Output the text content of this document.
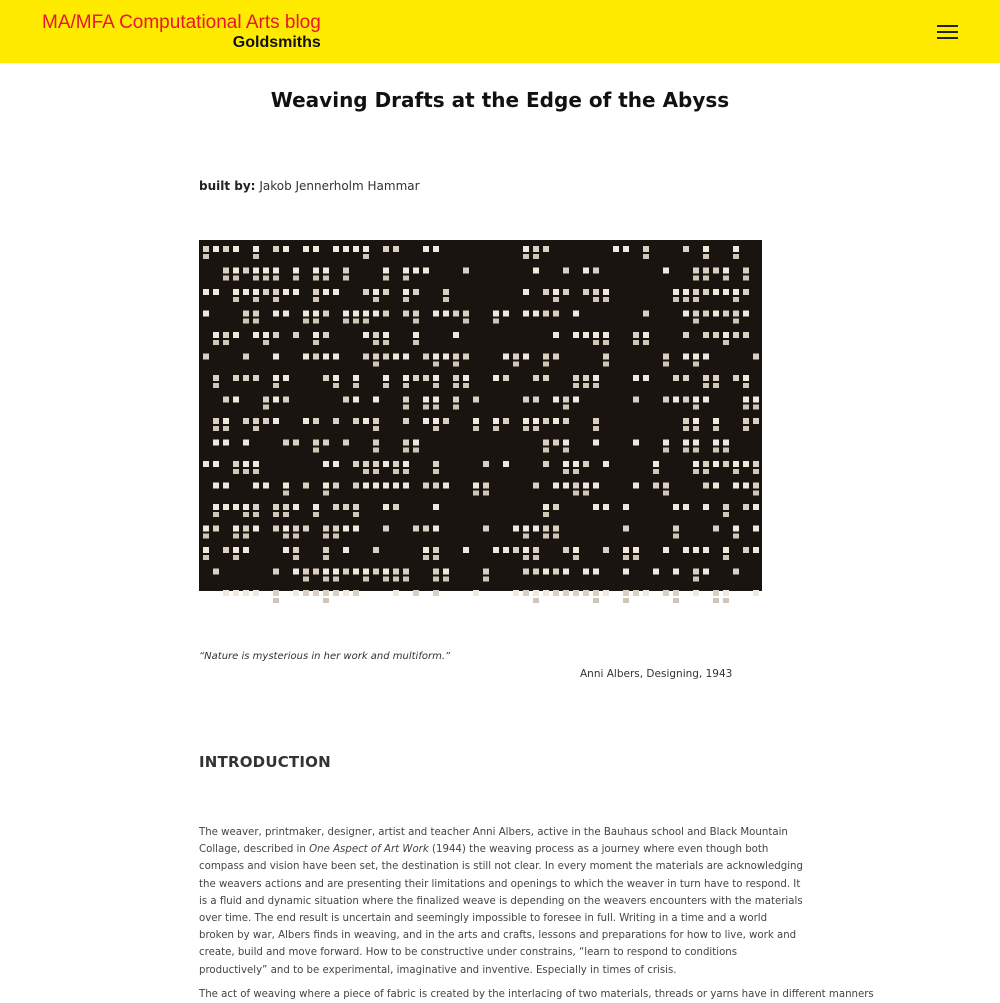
MA/MFA Computational Arts blog
Goldsmiths
Weaving Drafts at the Edge of the Abyss
built by: Jakob Jennerholm Hammar
“Nature is mysterious in her work and multiform.”
Anni Albers, Designing, 1943
INTRODUCTION

The weaver, printmaker, designer, artist and teacher Anni Albers, active in the Bauhaus school and Black Mountain Collage, described in One Aspect of Art Work (1944) the weaving process as a journey where even though both compass and vision have been set, the destination is still not clear. In every moment the materials are acknowledging the weavers actions and are presenting their limitations and openings to which the weaver in turn have to respond. It is a fluid and dynamic situation where the finalized weave is depending on the weavers encounters with the materials over time. The end result is uncertain and seemingly impossible to foresee in full. Writing in a time and a world broken by war, Albers finds in weaving, and in the arts and crafts, lessons and preparations for how to live, work and create, build and move forward. How to be constructive under constrains, “learn to respond to conditions productively” and to be experimental, imaginative and inventive. Especially in times of crisis.

The act of weaving where a piece of fabric is created by the interlacing of two materials, threads or yarns have in different manners
